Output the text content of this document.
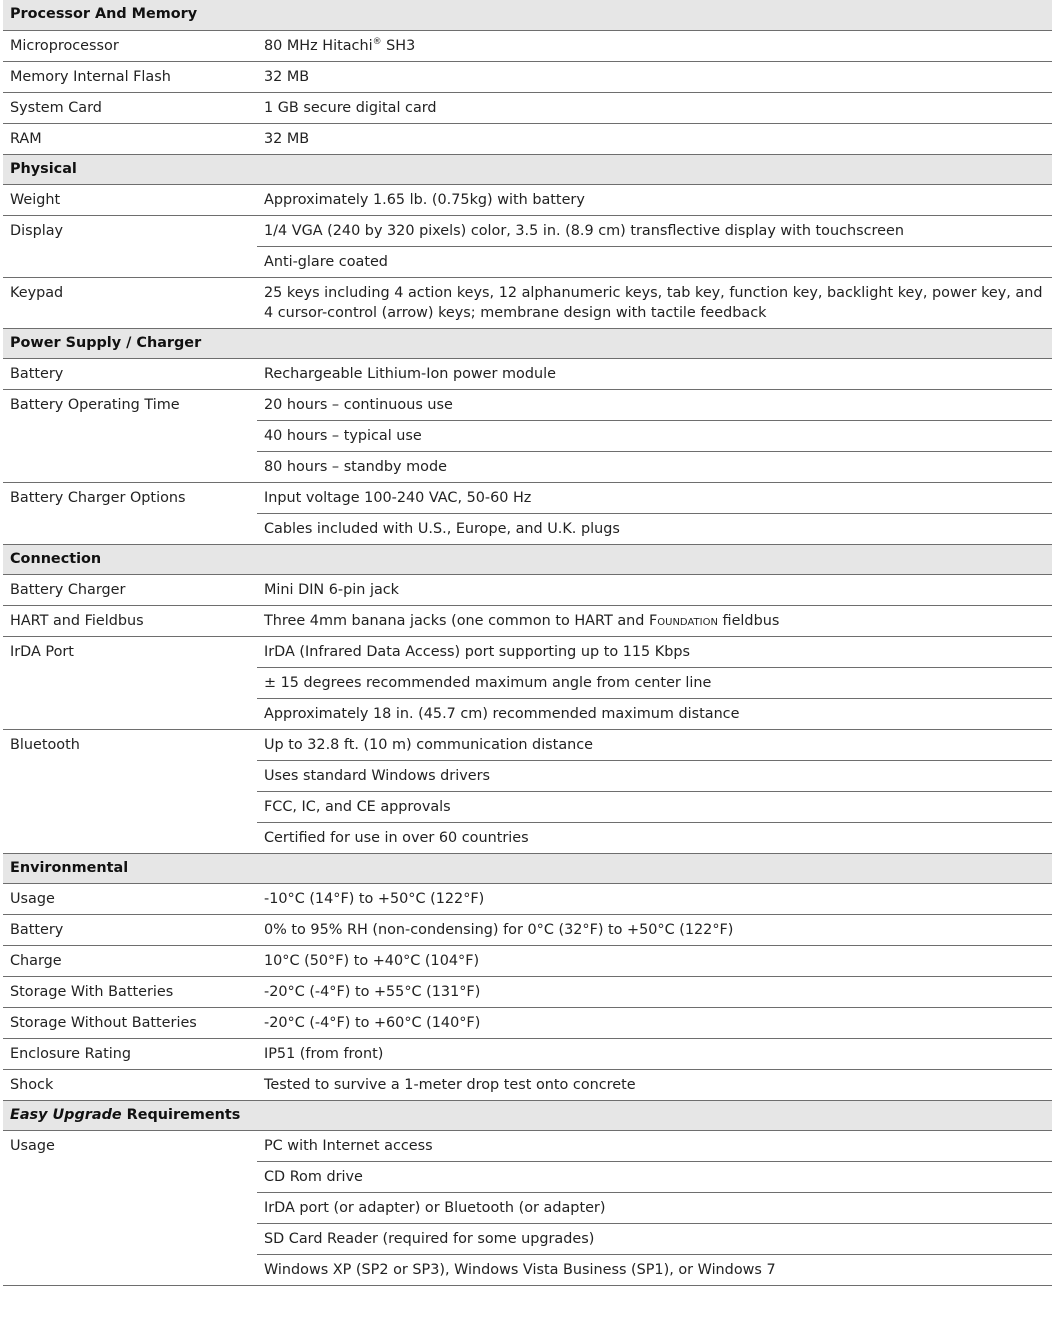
Processor And Memory	
Microprocessor	80 MHz Hitachi® SH3
Memory Internal Flash	32 MB
System Card	1 GB secure digital card
RAM	32 MB
Physical	
Weight	Approximately 1.65 lb. (0.75kg) with battery
Display	1/4 VGA (240 by 320 pixels) color, 3.5 in. (8.9 cm) transflective display with touchscreen
	Anti-glare coated
Keypad	25 keys including 4 action keys, 12 alphanumeric keys, tab key, function key, backlight key, power key, and 4 cursor-control (arrow) keys; membrane design with tactile feedback
Power Supply / Charger	
Battery	Rechargeable Lithium-Ion power module
Battery Operating Time	20 hours – continuous use
	40 hours – typical use
	80 hours – standby mode
Battery Charger Options	Input voltage 100-240 VAC, 50-60 Hz
	Cables included with U.S., Europe, and U.K. plugs
Connection	
Battery Charger	Mini DIN 6-pin jack
HART and Fieldbus	Three 4mm banana jacks (one common to HART and Foundation fieldbus
IrDA Port	IrDA (Infrared Data Access) port supporting up to 115 Kbps
	± 15 degrees recommended maximum angle from center line
	Approximately 18 in. (45.7 cm) recommended maximum distance
Bluetooth	Up to 32.8 ft. (10 m) communication distance
	Uses standard Windows drivers
	FCC, IC, and CE approvals
	Certified for use in over 60 countries
Environmental	
Usage	-10°C (14°F) to +50°C (122°F)
Battery	0% to 95% RH (non-condensing) for 0°C (32°F) to +50°C (122°F)
Charge	10°C (50°F) to +40°C (104°F)
Storage With Batteries	-20°C (-4°F) to +55°C (131°F)
Storage Without Batteries	-20°C (-4°F) to +60°C (140°F)
Enclosure Rating	IP51 (from front)
Shock	Tested to survive a 1-meter drop test onto concrete
Easy Upgrade Requirements	
Usage	PC with Internet access
	CD Rom drive
	IrDA port (or adapter) or Bluetooth (or adapter)
	SD Card Reader (required for some upgrades)
	Windows XP (SP2 or SP3), Windows Vista Business (SP1), or Windows 7
